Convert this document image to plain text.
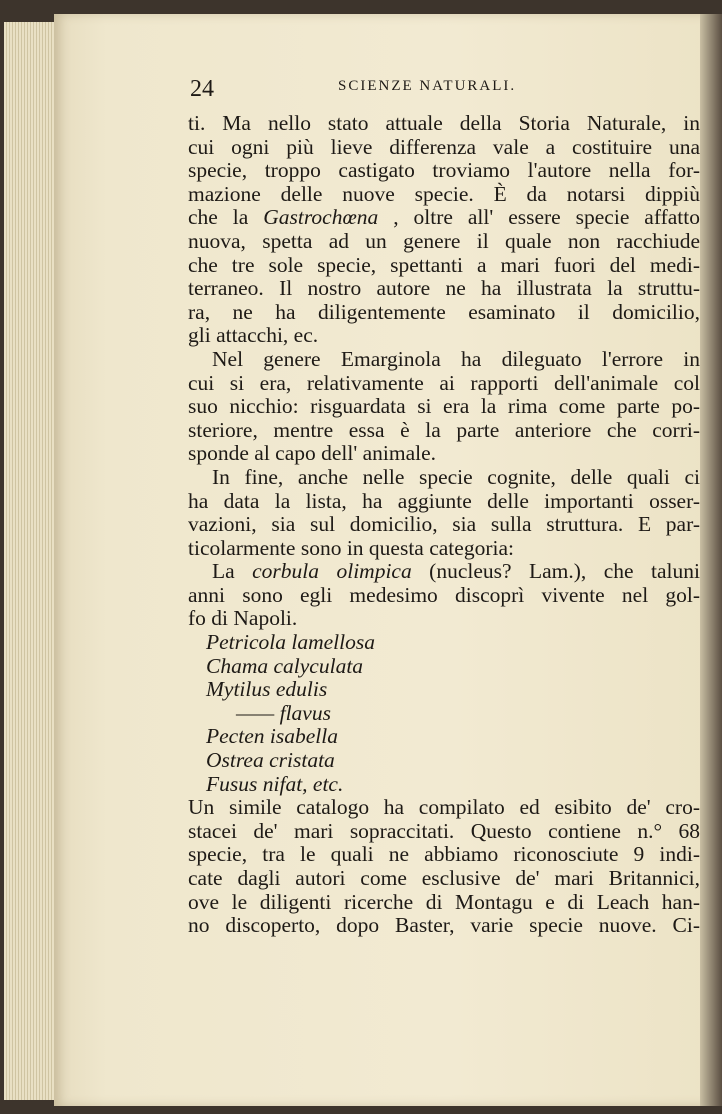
24	SCIENZE NATURALI.
ti. Ma nello stato attuale della Storia Naturale, in
cui ogni più lieve differenza vale a costituire una
specie, troppo castigato troviamo l'autore nella for-
mazione delle nuove specie. È da notarsi dippiù
che la Gastrochœna , oltre all' essere specie affatto
nuova, spetta ad un genere il quale non racchiude
che tre sole specie, spettanti a mari fuori del medi-
terraneo. Il nostro autore ne ha illustrata la struttu-
ra, ne ha diligentemente esaminato il domicilio,
gli attacchi, ec.
Nel genere Emarginola ha dileguato l'errore in
cui si era, relativamente ai rapporti dell'animale col
suo nicchio: risguardata si era la rima come parte po-
steriore, mentre essa è la parte anteriore che corri-
sponde al capo dell' animale.
In fine, anche nelle specie cognite, delle quali ci
ha data la lista, ha aggiunte delle importanti osser-
vazioni, sia sul domicilio, sia sulla struttura. E par-
ticolarmente sono in questa categoria:
La corbula olimpica (nucleus? Lam.), che taluni
anni sono egli medesimo discoprì vivente nel gol-
fo di Napoli.
Petricola lamellosa
Chama calyculata
Mytilus edulis
—— flavus
Pecten isabella
Ostrea cristata
Fusus nifat, etc.
Un simile catalogo ha compilato ed esibito de' cro-
stacei de' mari sopraccitati. Questo contiene n.° 68
specie, tra le quali ne abbiamo riconosciute 9 indi-
cate dagli autori come esclusive de' mari Britannici,
ove le diligenti ricerche di Montagu e di Leach han-
no discoperto, dopo Baster, varie specie nuove. Ci-
